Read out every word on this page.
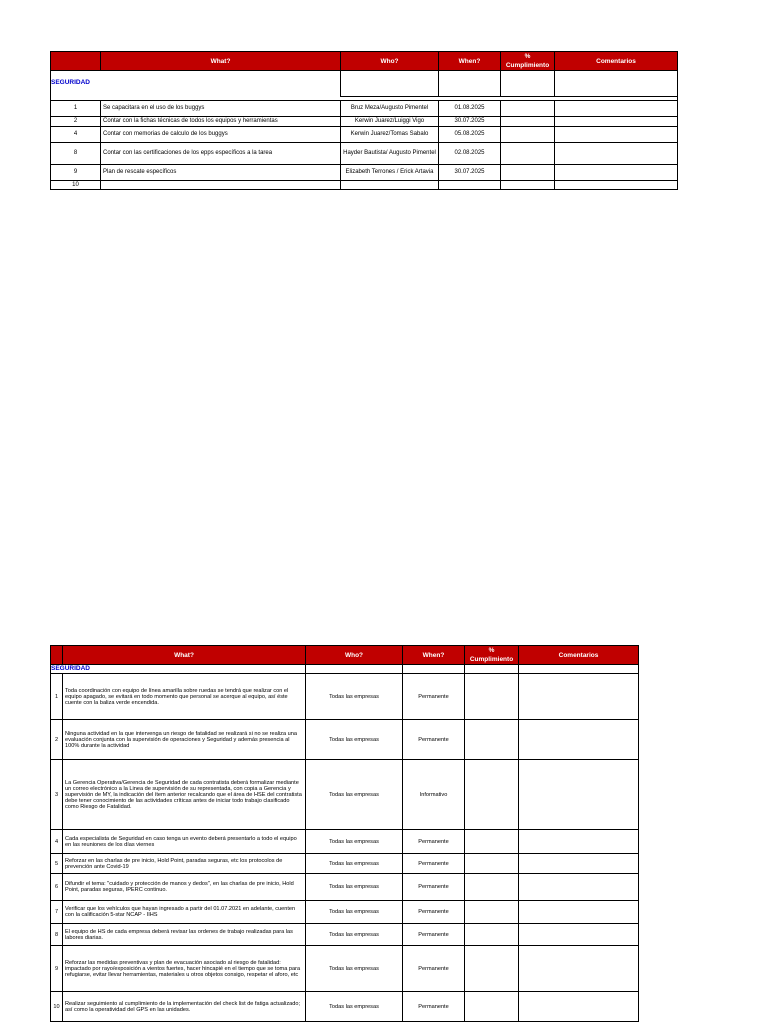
	What?	Who?	When?	% Cumplimiento	Comentarios
SEGURIDAD					

1	Se capacitara en el uso de los buggys	Bruz Meza/Augusto Pimentel	01.08.2025		
2	Contar con la fichas técnicas de todos los equipos y herramientas	Kerwin Juarez/Luiggi Vigo	30.07.2025		
4	Contar con memorias de calculo de los buggys	Kerwin Juarez/Tomas Sabalo	05.08.2025		
8	Contar con las certificaciones de los epps específicos a la tarea	Hayder Bautista/ Augusto Pimentel	02.08.2025		
9	Plan de rescate específicos	Elizabeth Terrones / Erick Artavia	30.07.2025		
10					
	What?	Who?	When?	% Cumplimiento	Comentarios
SEGURIDAD					
1	Toda coordinación con equipo de línea amarilla sobre ruedas se tendrá que realizar con el equipo apagado, se evitará en todo momento que personal se acerque al equipo, así éste cuente con la baliza verde encendida.	Todas las empresas	Permanente		
2	Ninguna actividad en la que intervenga un riesgo de fatalidad se realizará si no se realiza una evaluación conjunta con la supervisión de operaciones y Seguridad y además presencia al 100% durante la actividad	Todas las empresas	Permanente		
3	La Gerencia Operativa/Gerencia de Seguridad de cada contratista deberá formalizar mediante un correo electrónico a la Linea de supervisión de su representada, con copia a Gerencia y supervisión de MY, la indicación del ítem anterior recalcando que el área de HSE del contratista debe tener conocimiento de las actividades críticas antes de iniciar todo trabajo clasificado como Riesgo de Fatalidad.	Todas las empresas	Informativo		
4	Cada especialista de Seguridad en caso tenga un evento deberá presentarlo a todo el equipo en las reuniones de los días viernes	Todas las empresas	Permanente		
5	Reforzar en las charlas de pre inicio, Hold Point, paradas seguras, etc los protocolos de prevención ante Covid-19	Todas las empresas	Permanente		
6	Difundir el tema: "cuidado y protección de manos y dedos", en las charlas de pre inicio, Hold Point, paradas seguras, IPERC continuo.	Todas las empresas	Permanente		
7	Verificar que los vehículos que hayan ingresado a partir del 01.07.2021 en adelante, cuenten con la calificación 5-star NCAP - IIHS	Todas las empresas	Permanente		
8	El equipo de HS de cada empresa deberá revisar las ordenes de trabajo realizadas para las labores diarias.	Todas las empresas	Permanente		
9	Reforzar las medidas preventivas y plan de evacuación asociado al riesgo de fatalidad: impactado por rayo/exposición a vientos fuertes, hacer hincapié en el tiempo que se toma para refugiarse, evitar llevar herramientas, materiales u otros objetos consigo, respetar el aforo, etc	Todas las empresas	Permanente		
10	Realizar seguimiento al cumplimiento de la implementación del check list de fatiga actualizado; así como la operatividad del GPS en las unidades.	Todas las empresas	Permanente		
